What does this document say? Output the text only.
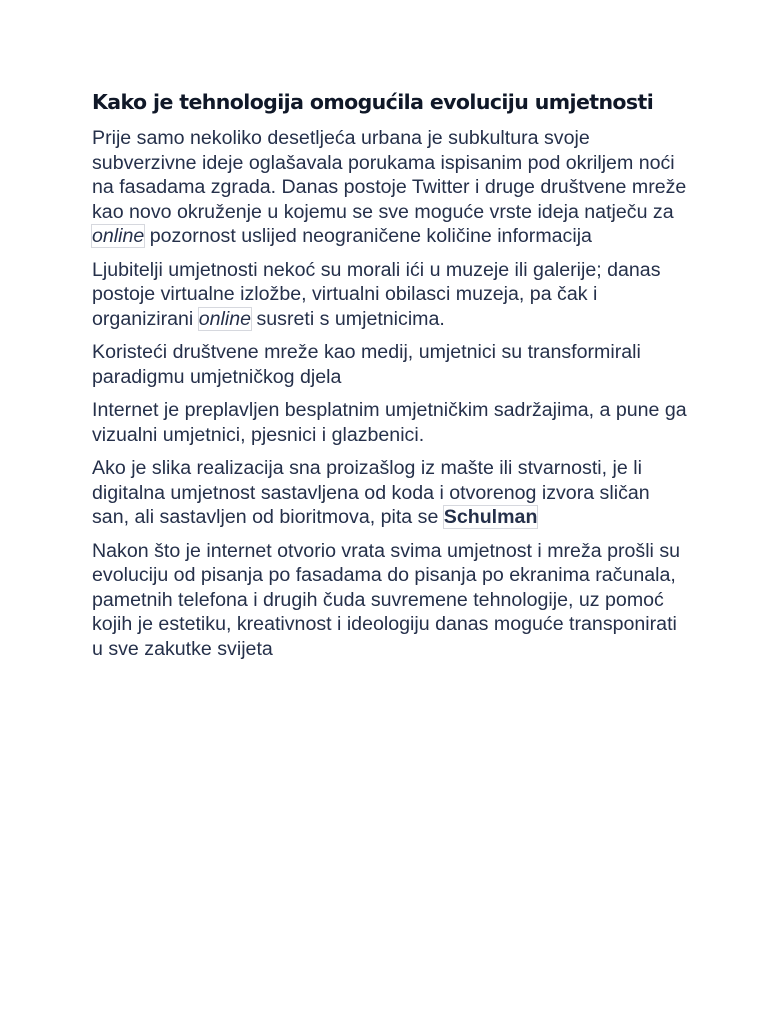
Kako je tehnologija omogućila evoluciju umjetnosti

Prije samo nekoliko desetljeća urbana je subkultura svoje subverzivne ideje oglašavala porukama ispisanim pod okriljem noći na fasadama zgrada. Danas postoje Twitter i druge društvene mreže kao novo okruženje u kojemu se sve moguće vrste ideja natječu za online pozornost uslijed neograničene količine informacija

Ljubitelji umjetnosti nekoć su morali ići u muzeje ili galerije; danas postoje virtualne izložbe, virtualni obilasci muzeja, pa čak i organizirani online susreti s umjetnicima.

Koristeći društvene mreže kao medij, umjetnici su transformirali paradigmu umjetničkog djela

Internet je preplavljen besplatnim umjetničkim sadržajima, a pune ga vizualni umjetnici, pjesnici i glazbenici.

Ako je slika realizacija sna proizašlog iz mašte ili stvarnosti, je li digitalna umjetnost sastavljena od koda i otvorenog izvora sličan san, ali sastavljen od bioritmova, pita se Schulman

Nakon što je internet otvorio vrata svima umjetnost i mreža prošli su evoluciju od pisanja po fasadama do pisanja po ekranima računala, pametnih telefona i drugih čuda suvremene tehnologije, uz pomoć kojih je estetiku, kreativnost i ideologiju danas moguće transponirati u sve zakutke svijeta
